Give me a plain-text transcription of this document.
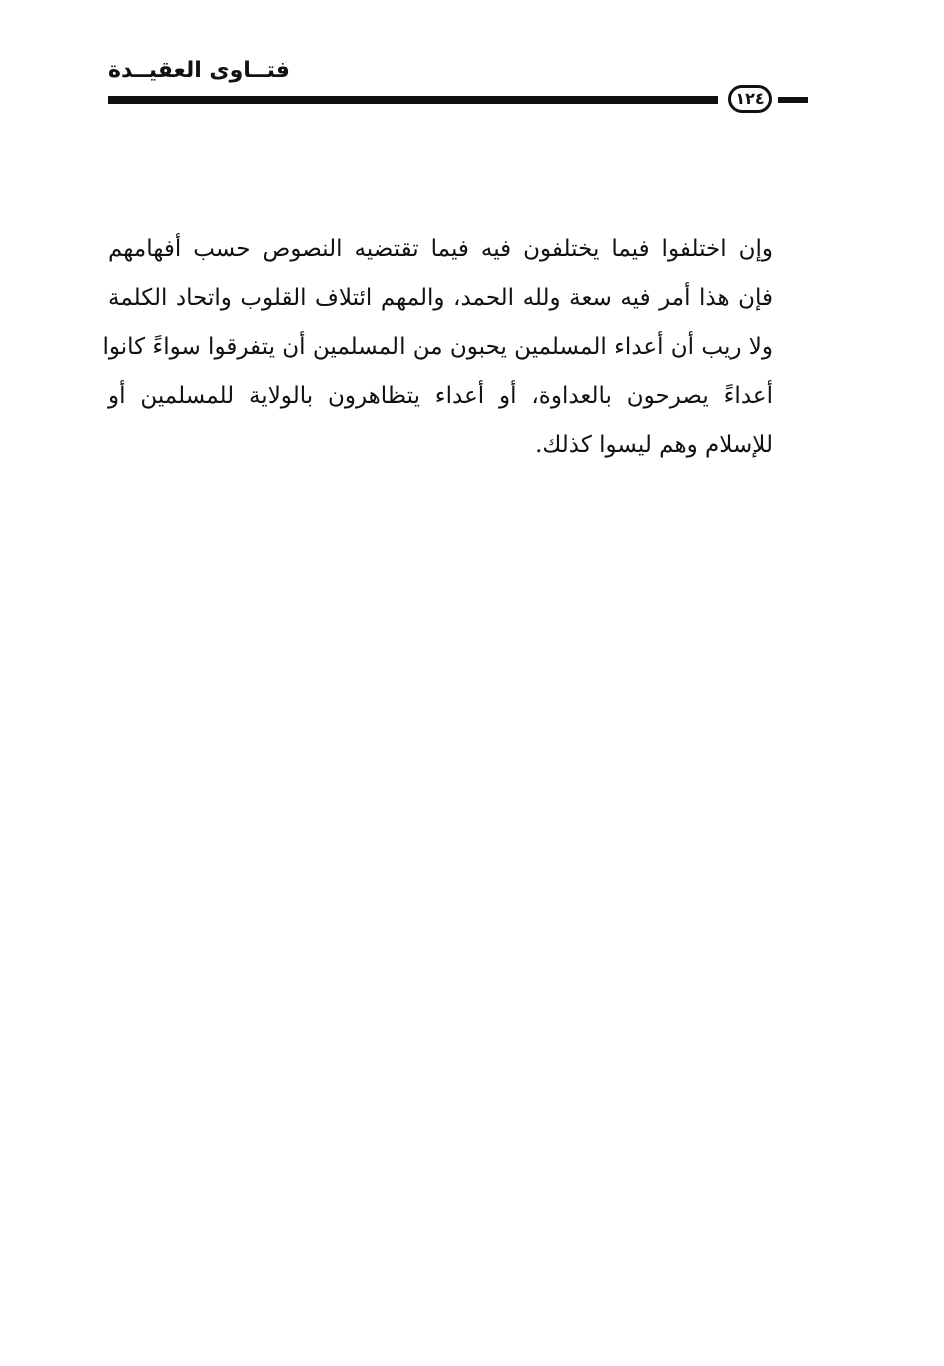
فتــاوى العقيــدة
١٢٤
وإن اختلفوا فيما يختلفون فيه فيما تقتضيه النصوص حسب أفهامهم
فإن هذا أمر فيه سعة ولله الحمد، والمهم ائتلاف القلوب واتحاد الكلمة
ولا ريب أن أعداء المسلمين يحبون من المسلمين أن يتفرقوا سواءً كانوا
أعداءً يصرحون بالعداوة، أو أعداء يتظاهرون بالولاية للمسلمين أو
للإسلام وهم ليسوا كذلك.
